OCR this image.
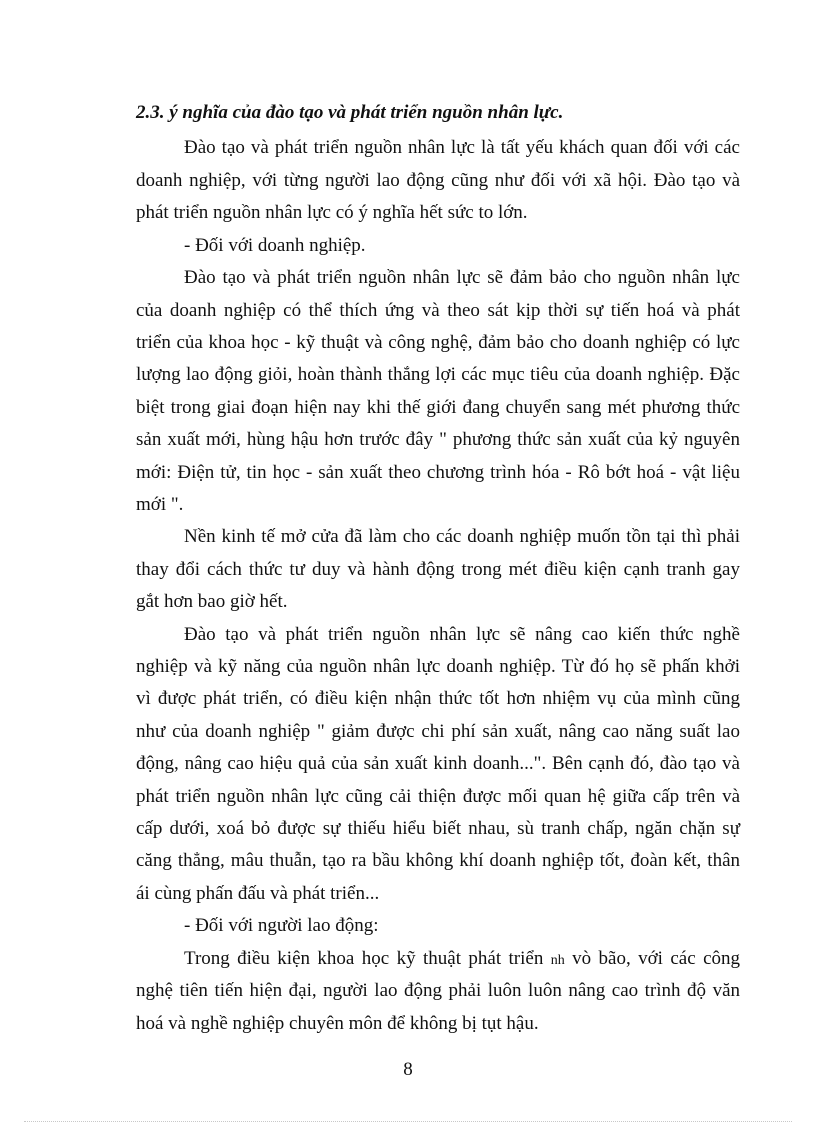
2.3. ý nghĩa của đào tạo và phát triển nguồn nhân lực.

Đào tạo và phát triển nguồn nhân lực là tất yếu khách quan đối với các

doanh nghiệp, với từng người lao động cũng như đối với xã hội. Đào tạo và

phát triển nguồn nhân lực có ý nghĩa hết sức to lớn.

- Đối với doanh nghiệp.

Đào tạo và phát triển nguồn nhân lực sẽ đảm bảo cho nguồn nhân lực

của doanh nghiệp có thể thích ứng và theo sát kịp thời sự tiến hoá và phát

triển của khoa học - kỹ thuật và công nghệ, đảm bảo cho doanh nghiệp có lực

lượng lao động giỏi, hoàn thành thắng lợi các mục tiêu của doanh nghiệp. Đặc

biệt trong giai đoạn hiện nay khi thế giới đang chuyển sang mét phương thức

sản xuất mới, hùng hậu hơn trước đây " phương thức sản xuất của kỷ nguyên

mới: Điện tử, tin học - sản xuất theo chương trình hóa - Rô bớt hoá - vật liệu

mới ".

Nền kinh tế mở cửa đã làm cho các doanh nghiệp muốn tồn tại thì phải

thay đổi cách thức tư duy và hành động trong mét điều kiện cạnh tranh gay

gắt hơn bao giờ hết.

Đào tạo và phát triển nguồn nhân lực sẽ nâng cao kiến thức nghề

nghiệp và kỹ năng của nguồn nhân lực doanh nghiệp. Từ đó họ sẽ phấn khởi

vì được phát triển, có điều kiện nhận thức tốt hơn nhiệm vụ của mình cũng

như của doanh nghiệp " giảm được chi phí sản xuất, nâng cao năng suất lao

động, nâng cao hiệu quả của sản xuất kinh doanh...". Bên cạnh đó, đào tạo và

phát triển nguồn nhân lực cũng cải thiện được mối quan hệ giữa cấp trên và

cấp dưới, xoá bỏ được sự thiếu hiểu biết nhau, sù tranh chấp, ngăn chặn sự

căng thẳng, mâu thuẫn, tạo ra bầu không khí doanh nghiệp tốt, đoàn kết, thân

ái cùng phấn đấu và phát triển...

- Đối với người lao động:

Trong điều kiện khoa học kỹ thuật phát triển nh vò bão, với các công

nghệ tiên tiến hiện đại, người lao động phải luôn luôn nâng cao trình độ văn

hoá và nghề nghiệp chuyên môn để không bị tụt hậu.

8
